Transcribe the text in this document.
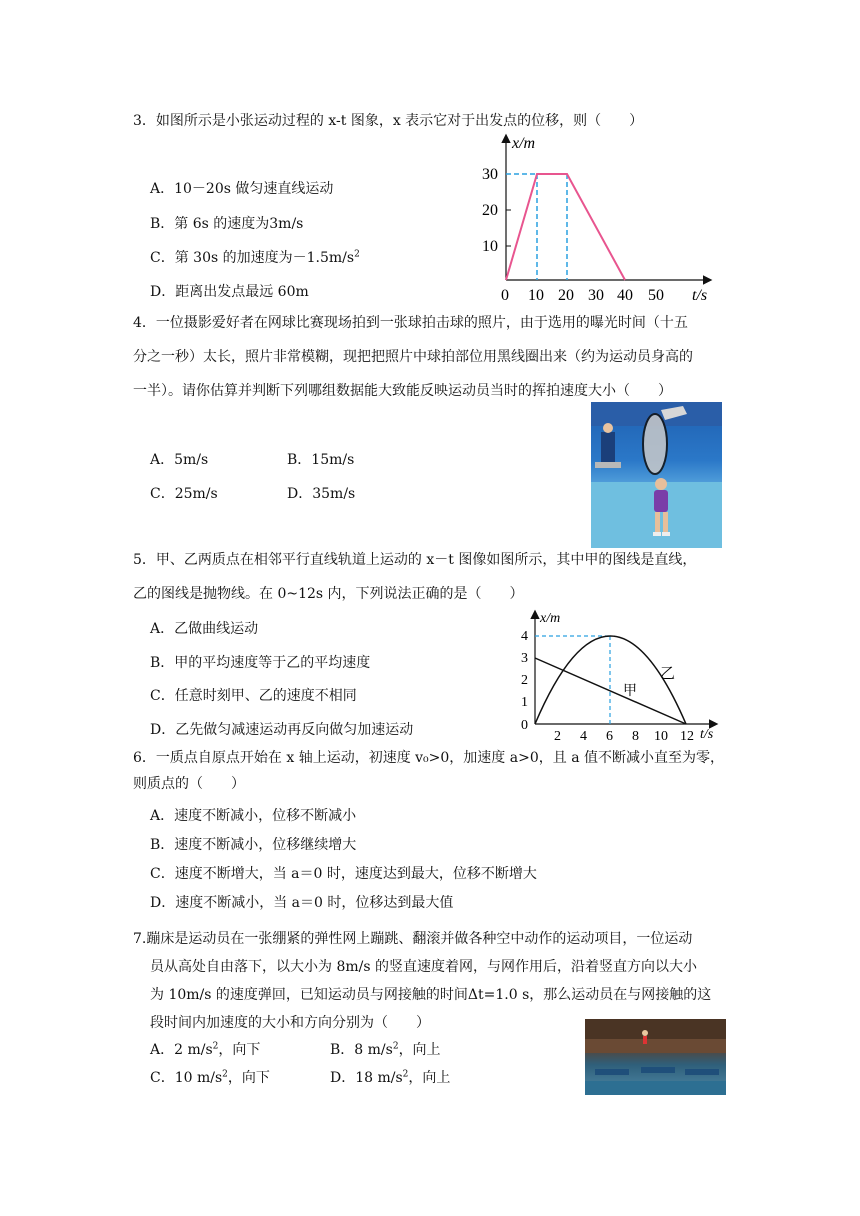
3．如图所示是小张运动过程的 x-t 图象，x 表示它对于出发点的位移，则（　　）
A．10－20s 做匀速直线运动
B．第 6s 的速度为3m/s
C．第 30s 的加速度为$-1.5m/s^2$
D．距离出发点最远 60m
x/m
t/s
10
20
30
0 10 20 30 40 50
4．一位摄影爱好者在网球比赛现场拍到一张球拍击球的照片，由于选用的曝光时间（十五
分之一秒）太长，照片非常模糊，现把把照片中球拍部位用黑线圈出来（约为运动员身高的
一半）。请你估算并判断下列哪组数据能大致能反映运动员当时的挥拍速度大小（　　）
A．5m/s	B．15m/s
C．25m/s	D．35m/s
5．甲、乙两质点在相邻平行直线轨道上运动的 x－t 图像如图所示，其中甲的图线是直线，
乙的图线是抛物线。在 0~12s 内，下列说法正确的是（　　）
A．乙做曲线运动
B．甲的平均速度等于乙的平均速度
C．任意时刻甲、乙的速度不相同
D．乙先做匀减速运动再反向做匀加速运动
x/m
t/s
0
1
2
3
4
2 4 6 8 10 12
乙
甲
6．一质点自原点开始在 x 轴上运动，初速度 v₀>0，加速度 a>0，且 a 值不断减小直至为零，
则质点的（　　）
A．速度不断减小，位移不断减小
B．速度不断减小，位移继续增大
C．速度不断增大，当 a＝0 时，速度达到最大，位移不断增大
D．速度不断减小，当 a＝0 时，位移达到最大值
7.蹦床是运动员在一张绷紧的弹性网上蹦跳、翻滚并做各种空中动作的运动项目，一位运动
员从高处自由落下，以大小为 8m/s 的竖直速度着网，与网作用后，沿着竖直方向以大小
为 10m/s 的速度弹回，已知运动员与网接触的时间Δt=1.0 s，那么运动员在与网接触的这
段时间内加速度的大小和方向分别为（　　）
A．2 $m/s^2$，向下	B．8 $m/s^2$，向上
C．10 $m/s^2$，向下	D．18 $m/s^2$，向上
